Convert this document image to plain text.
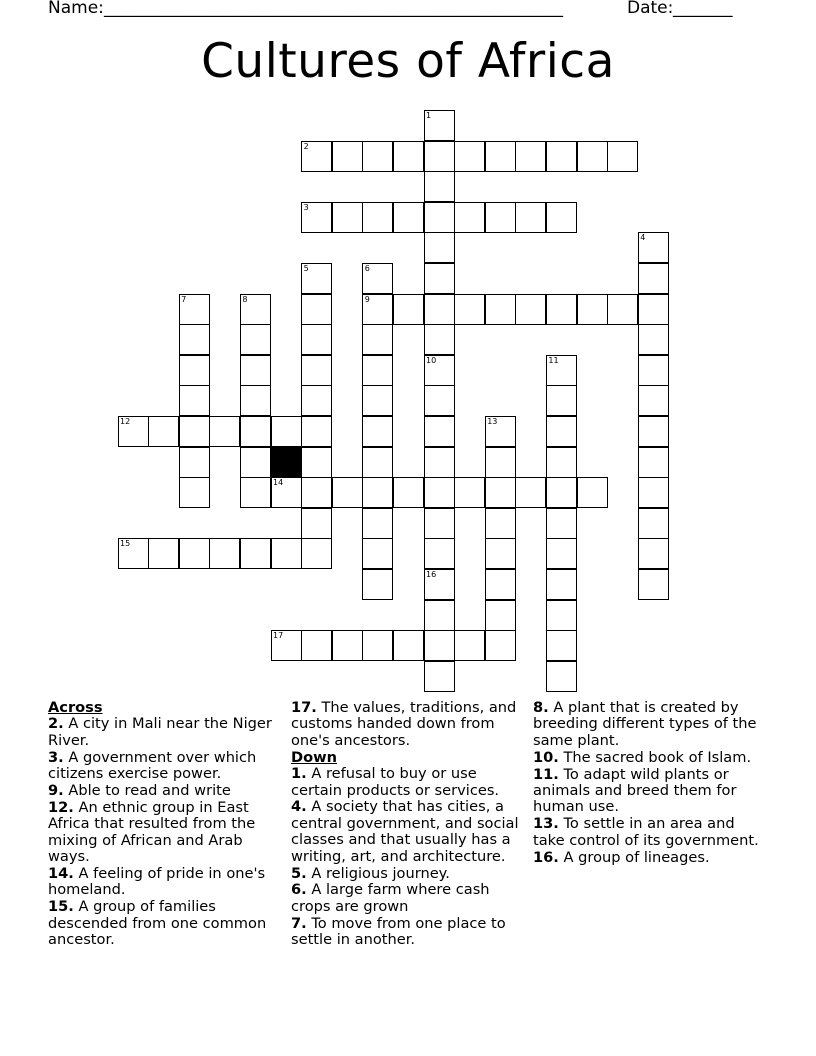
Name: ______________________________________________________	Date: _______
Cultures of Africa
1
10
16
2
3
4
5	6
9
7	8
11
12	13
14
15
17
Across
2. A city in Mali near the Niger River.
3. A government over which citizens exercise power.
9. Able to read and write
12. An ethnic group in East Africa that resulted from the mixing of African and Arab ways.
14. A feeling of pride in one's homeland.
15. A group of families descended from one common ancestor.
17. The values, traditions, and customs handed down from one's ancestors.
Down
1. A refusal to buy or use certain products or services.
4. A society that has cities, a central government, and social classes and that usually has a writing, art, and architecture.
5. A religious journey.
6. A large farm where cash crops are grown
7. To move from one place to settle in another.
8. A plant that is created by breeding different types of the same plant.
10. The sacred book of Islam.
11. To adapt wild plants or animals and breed them for human use.
13. To settle in an area and take control of its government.
16. A group of lineages.
